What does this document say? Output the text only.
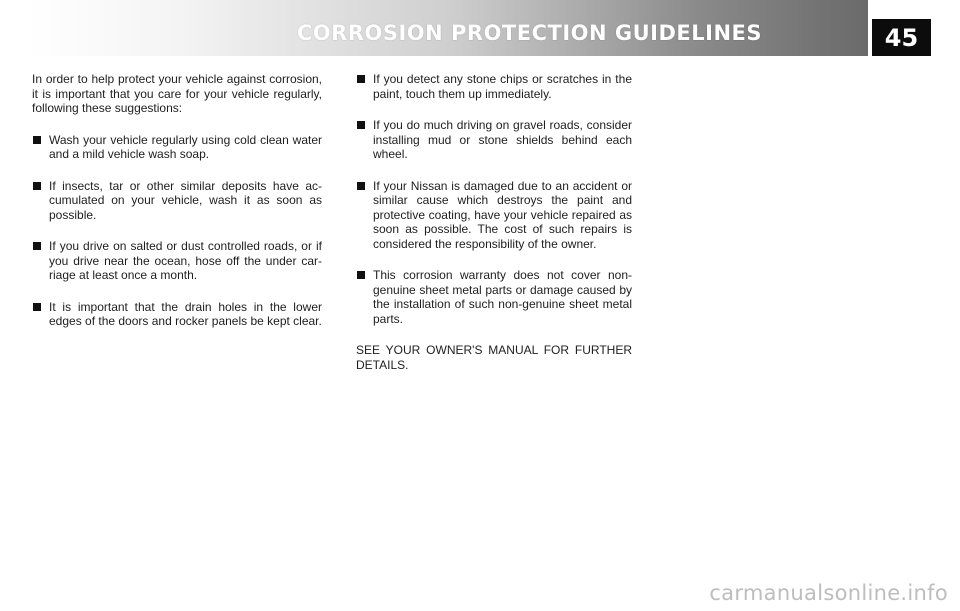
CORROSION PROTECTION GUIDELINES	45

In order to help protect your vehicle against corrosion, it is important that you care for your vehicle regularly, following these suggestions:

Wash your vehicle regularly using cold clean water and a mild vehicle wash soap.

If insects, tar or other similar deposits have ac-cumulated on your vehicle, wash it as soon as possible.

If you drive on salted or dust controlled roads, or if you drive near the ocean, hose off the under car-riage at least once a month.

It is important that the drain holes in the lower edges of the doors and rocker panels be kept clear.

If you detect any stone chips or scratches in the paint, touch them up immediately.

If you do much driving on gravel roads, consider installing mud or stone shields behind each wheel.

If your Nissan is damaged due to an accident or similar cause which destroys the paint and protective coating, have your vehicle repaired as soon as possible. The cost of such repairs is considered the responsibility of the owner.

This corrosion warranty does not cover non-genuine sheet metal parts or damage caused by the installation of such non-genuine sheet metal parts.

SEE YOUR OWNER'S MANUAL FOR FURTHER DETAILS.

carmanualsonline.info
